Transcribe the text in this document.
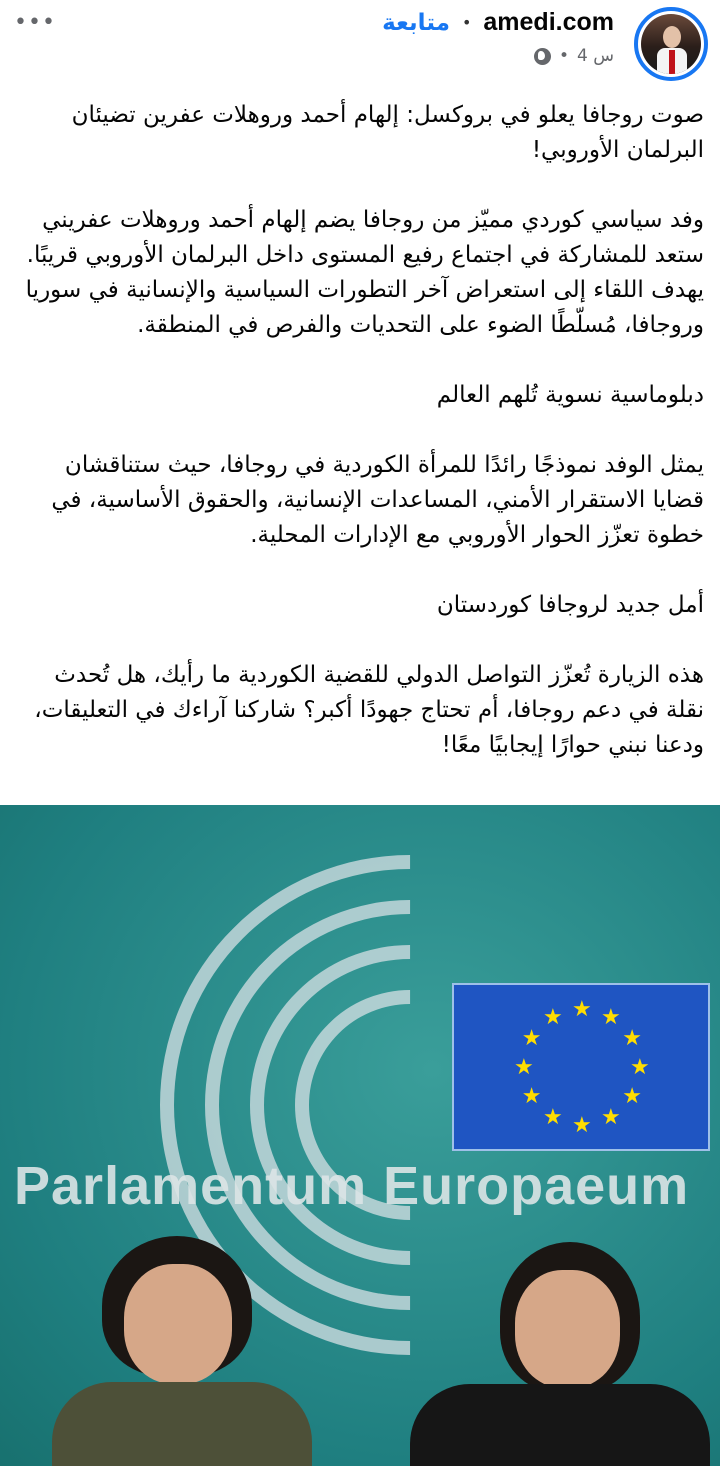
متابعة • amedi.com
• 4 س
•••

صوت روجافا يعلو في بروكسل: إلهام أحمد وروهلات عفرين تضيئان البرلمان الأوروبي!

وفد سياسي كوردي مميّز من روجافا يضم إلهام أحمد وروهلات عفريني ستعد للمشاركة في اجتماع رفيع المستوى داخل البرلمان الأوروبي قريبًا.

يهدف اللقاء إلى استعراض آخر التطورات السياسية والإنسانية في سوريا وروجافا، مُسلّطًا الضوء على التحديات والفرص في المنطقة.

دبلوماسية نسوية تُلهم العالم

يمثل الوفد نموذجًا رائدًا للمرأة الكوردية في روجافا، حيث ستناقشان قضايا الاستقرار الأمني، المساعدات الإنسانية، والحقوق الأساسية، في خطوة تعزّز الحوار الأوروبي مع الإدارات المحلية.

أمل جديد لروجافا كوردستان

هذه الزيارة تُعزّز التواصل الدولي للقضية الكوردية ما رأيك، هل تُحدث نقلة في دعم روجافا، أم تحتاج جهودًا أكبر؟ شاركنا آراءك في التعليقات، ودعنا نبني حوارًا إيجابيًا معًا!

★ ★
★
★
★
★
★
★
★
★
★
★
Parlamentum Europaeum
